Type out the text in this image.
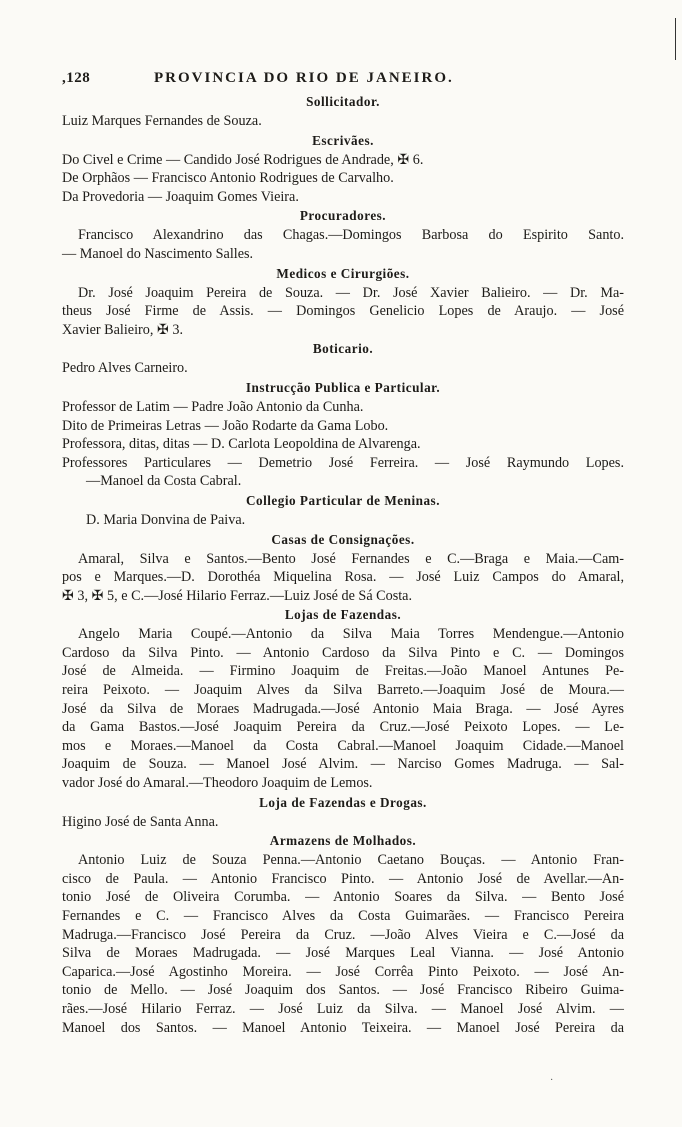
,128	PROVINCIA DO RIO DE JANEIRO.
Sollicitador.
Luiz Marques Fernandes de Souza.
Escrivães.
Do Civel e Crime — Candido José Rodrigues de Andrade, ✠ 6.
De Orphãos — Francisco Antonio Rodrigues de Carvalho.
Da Provedoria — Joaquim Gomes Vieira.
Procuradores.
Francisco Alexandrino das Chagas.—Domingos Barbosa do Espirito Santo.
— Manoel do Nascimento Salles.
Medicos e Cirurgiões.
Dr. José Joaquim Pereira de Souza. — Dr. José Xavier Balieiro. — Dr. Ma-
theus José Firme de Assis. — Domingos Genelicio Lopes de Araujo. — José
Xavier Balieiro, ✠ 3.
Boticario.
Pedro Alves Carneiro.
Instrucção Publica e Particular.
Professor de Latim — Padre João Antonio da Cunha.
Dito de Primeiras Letras — João Rodarte da Gama Lobo.
Professora, ditas, ditas — D. Carlota Leopoldina de Alvarenga.
Professores Particulares — Demetrio José Ferreira. — José Raymundo Lopes.
—Manoel da Costa Cabral.
Collegio Particular de Meninas.
D. Maria Donvina de Paiva.
Casas de Consignações.
Amaral, Silva e Santos.—Bento José Fernandes e C.—Braga e Maia.—Cam-
pos e Marques.—D. Dorothéa Miquelina Rosa. — José Luiz Campos do Amaral,
✠ 3, ✠ 5, e C.—José Hilario Ferraz.—Luiz José de Sá Costa.
Lojas de Fazendas.
Angelo Maria Coupé.—Antonio da Silva Maia Torres Mendengue.—Antonio
Cardoso da Silva Pinto. — Antonio Cardoso da Silva Pinto e C. — Domingos
José de Almeida. — Firmino Joaquim de Freitas.—João Manoel Antunes Pe-
reira Peixoto. — Joaquim Alves da Silva Barreto.—Joaquim José de Moura.—
José da Silva de Moraes Madrugada.—José Antonio Maia Braga. — José Ayres
da Gama Bastos.—José Joaquim Pereira da Cruz.—José Peixoto Lopes. — Le-
mos e Moraes.—Manoel da Costa Cabral.—Manoel Joaquim Cidade.—Manoel
Joaquim de Souza. — Manoel José Alvim. — Narciso Gomes Madruga. — Sal-
vador José do Amaral.—Theodoro Joaquim de Lemos.
Loja de Fazendas e Drogas.
Higino José de Santa Anna.
Armazens de Molhados.
Antonio Luiz de Souza Penna.—Antonio Caetano Bouças. — Antonio Fran-
cisco de Paula. — Antonio Francisco Pinto. — Antonio José de Avellar.—An-
tonio José de Oliveira Corumba. — Antonio Soares da Silva. — Bento José
Fernandes e C. — Francisco Alves da Costa Guimarães. — Francisco Pereira
Madruga.—Francisco José Pereira da Cruz. —João Alves Vieira e C.—José da
Silva de Moraes Madrugada. — José Marques Leal Vianna. — José Antonio
Caparica.—José Agostinho Moreira. — José Corrêa Pinto Peixoto. — José An-
tonio de Mello. — José Joaquim dos Santos. — José Francisco Ribeiro Guima-
rães.—José Hilario Ferraz. — José Luiz da Silva. — Manoel José Alvim. —
Manoel dos Santos. — Manoel Antonio Teixeira. — Manoel José Pereira da
·
